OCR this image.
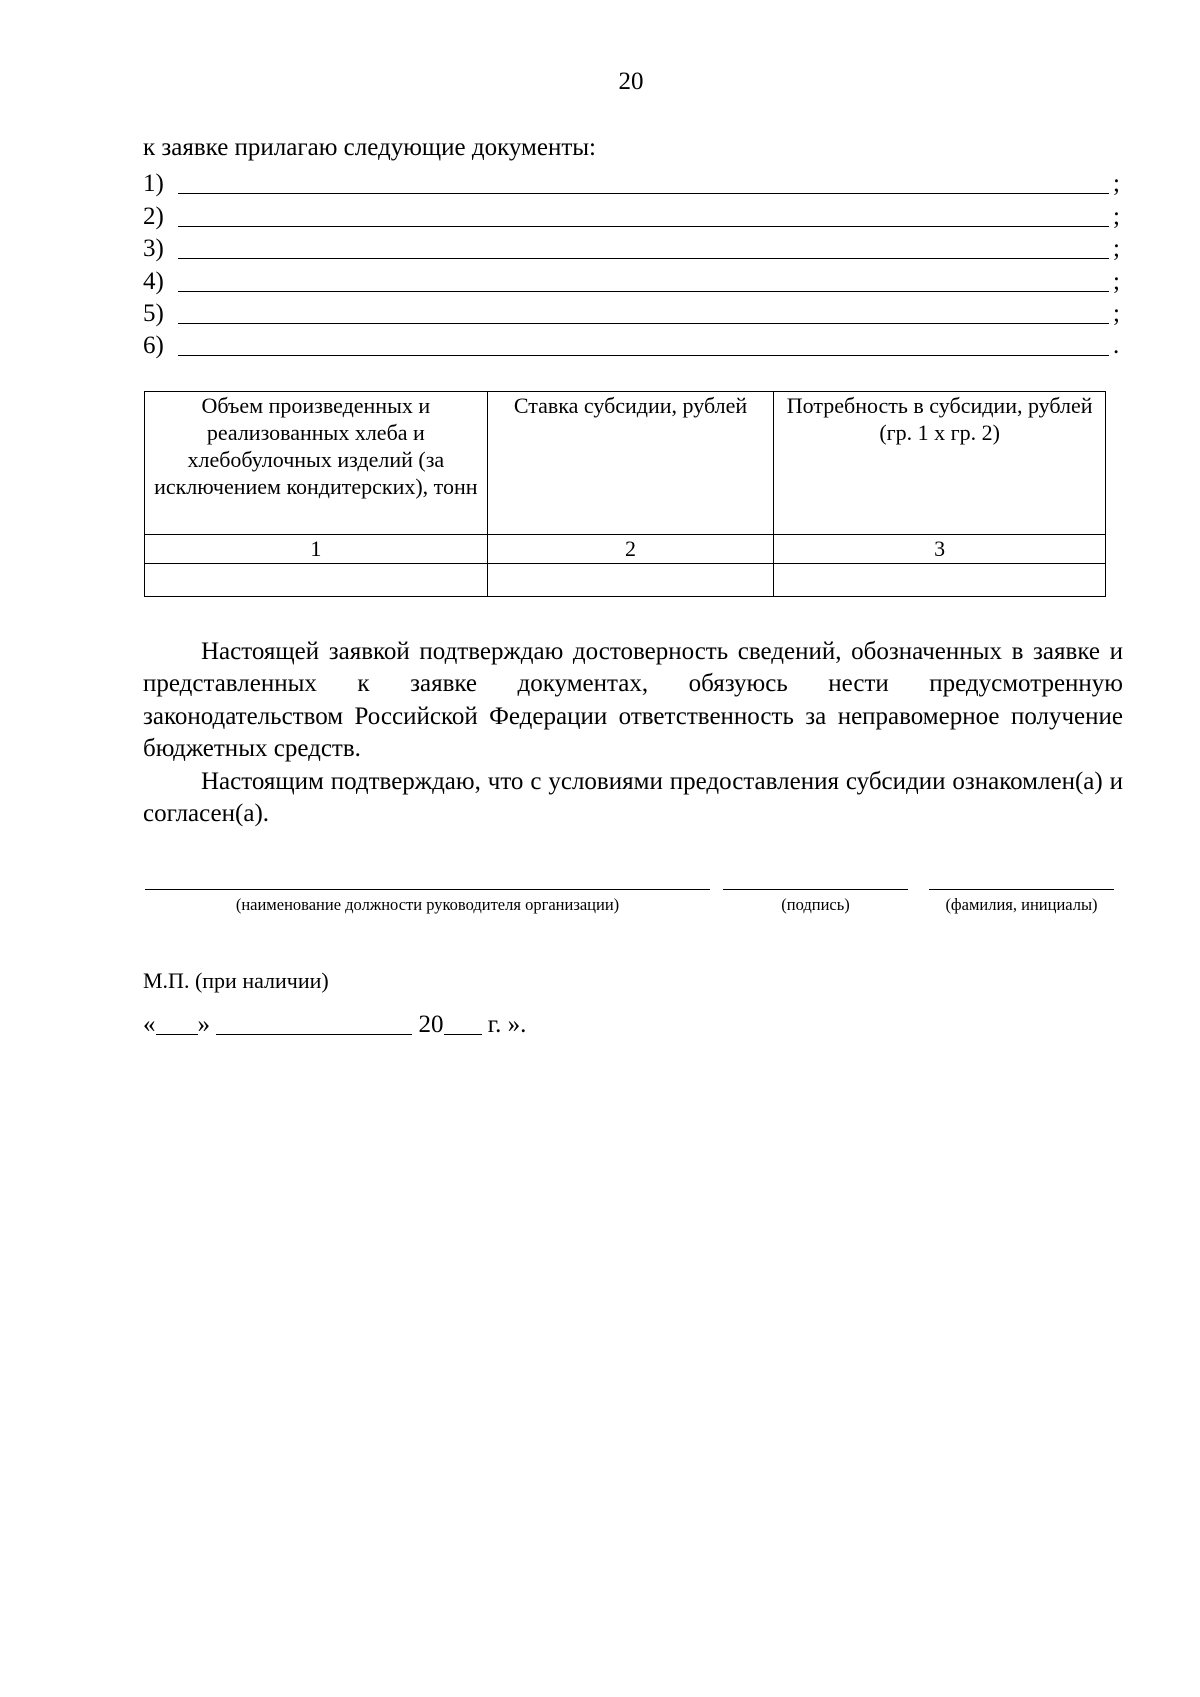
20
к заявке прилагаю следующие документы:
1)	;
2)	;
3)	;
4)	;
5)	;
6)	.
Объем произведенных и реализованных хлеба и хлебобулочных изделий (за исключением кондитерских), тонн	Ставка субсидии, рублей	Потребность в субсидии, рублей (гр. 1 х гр. 2)
1	2	3

Настоящей заявкой подтверждаю достоверность сведений, обозначенных в заявке и представленных к заявке документах, обязуюсь нести предусмотренную законодательством Российской Федерации ответственность за неправомерное получение бюджетных средств.

Настоящим подтверждаю, что с условиями предоставления субсидии ознакомлен(а) и согласен(а).

(наименование должности руководителя организации)	(подпись)	(фамилия, инициалы)
М.П. (при наличии)
« »

	20
г. ».
